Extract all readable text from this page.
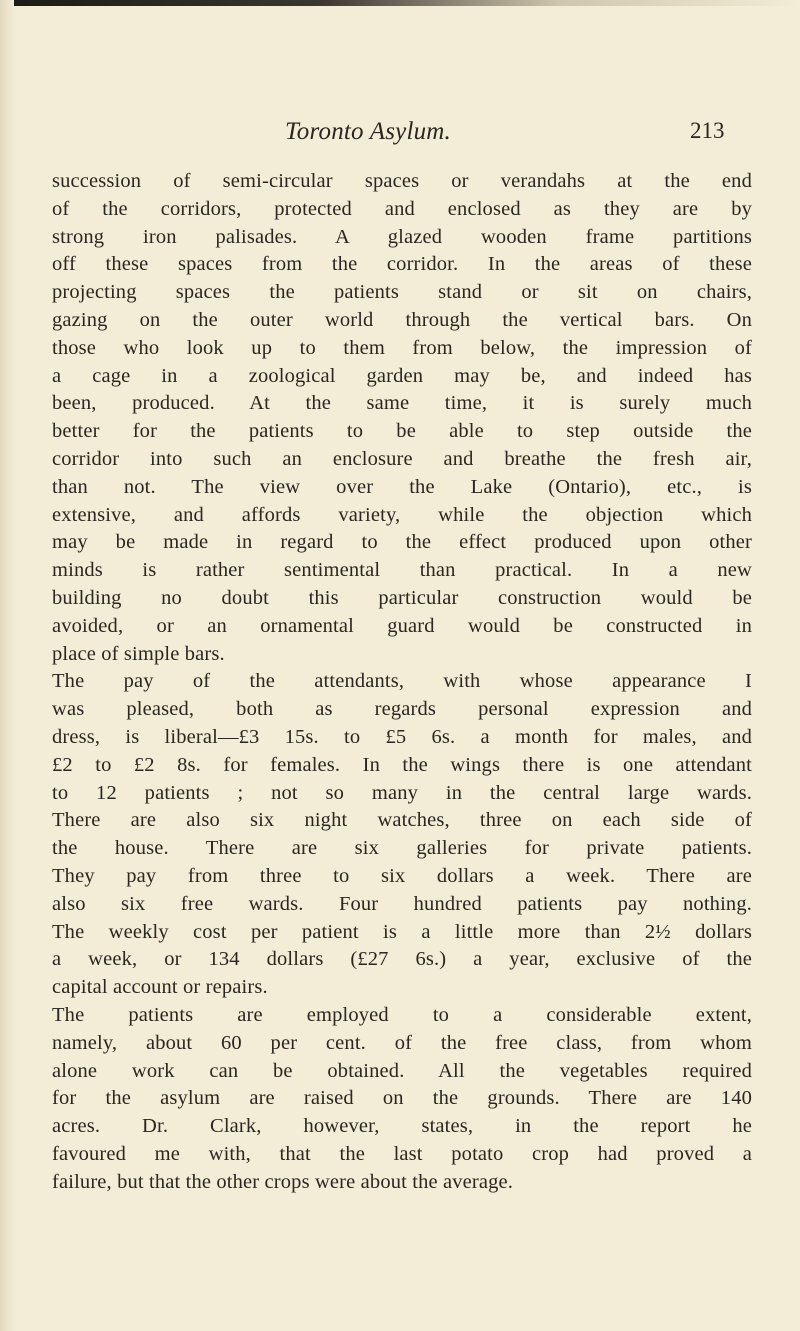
Toronto Asylum.	213
succession of semi-circular spaces or verandahs at the end
of the corridors, protected and enclosed as they are by
strong iron palisades. A glazed wooden frame partitions
off these spaces from the corridor. In the areas of these
projecting spaces the patients stand or sit on chairs,
gazing on the outer world through the vertical bars. On
those who look up to them from below, the impression of
a cage in a zoological garden may be, and indeed has
been, produced. At the same time, it is surely much
better for the patients to be able to step outside the
corridor into such an enclosure and breathe the fresh air,
than not. The view over the Lake (Ontario), etc., is
extensive, and affords variety, while the objection which
may be made in regard to the effect produced upon other
minds is rather sentimental than practical. In a new
building no doubt this particular construction would be
avoided, or an ornamental guard would be constructed in
place of simple bars.
The pay of the attendants, with whose appearance I
was pleased, both as regards personal expression and
dress, is liberal—£3 15s. to £5 6s. a month for males, and
£2 to £2 8s. for females. In the wings there is one attendant
to 12 patients ; not so many in the central large wards.
There are also six night watches, three on each side of
the house. There are six galleries for private patients.
They pay from three to six dollars a week. There are
also six free wards. Four hundred patients pay nothing.
The weekly cost per patient is a little more than 2½ dollars
a week, or 134 dollars (£27 6s.) a year, exclusive of the
capital account or repairs.
The patients are employed to a considerable extent,
namely, about 60 per cent. of the free class, from whom
alone work can be obtained. All the vegetables required
for the asylum are raised on the grounds. There are 140
acres. Dr. Clark, however, states, in the report he
favoured me with, that the last potato crop had proved a
failure, but that the other crops were about the average.
